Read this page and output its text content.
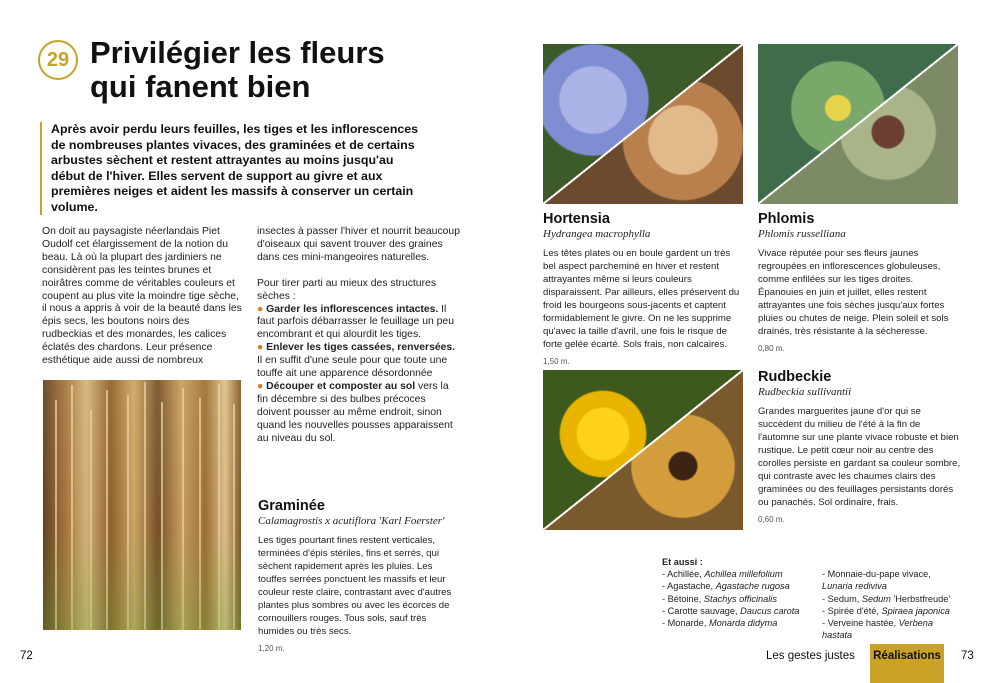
29 Privilégier les fleurs
qui fanent bien
Après avoir perdu leurs feuilles, les tiges et les inflorescences de nombreuses plantes vivaces, des graminées et de certains arbustes sèchent et restent attrayantes au moins jusqu'au début de l'hiver. Elles servent de support au givre et aux premières neiges et aident les massifs à conserver un certain volume.
On doit au paysagiste néerlandais Piet Oudolf cet élargissement de la notion du beau. Là où la plupart des jardiniers ne considèrent pas les teintes brunes et noirâtres comme de véritables couleurs et coupent au plus vite la moindre tige sèche, il nous a appris à voir de la beauté dans les épis secs, les boutons noirs des rudbeckias et des monardes, les calices éclatés des chardons. Leur présence esthétique aide aussi de nombreux

insectes à passer l'hiver et nourrit beaucoup d'oiseaux qui savent trouver des graines dans ces mini-mangeoires naturelles.

Pour tirer parti au mieux des structures sèches :
● Garder les inflorescences intactes. Il faut parfois débarrasser le feuillage un peu encombrant et qui alourdit les tiges.
● Enlever les tiges cassées, renversées. Il en suffit d'une seule pour que toute une touffe ait une apparence désordonnée
● Découper et composter au sol vers la fin décembre si des bulbes précoces doivent pousser au même endroit, sinon quand les nouvelles pousses apparaissent au niveau du sol.
Graminée
Calamagrostis x acutiflora 'Karl Foerster'
Les tiges pourtant fines restent verticales, terminées d'épis stériles, fins et serrés, qui sèchent rapidement après les pluies. Les touffes serrées ponctuent les massifs et leur couleur reste claire, contrastant avec d'autres plantes plus sombres ou avec les écorces de cornouillers rouges. Tous sols, sauf très humides ou très secs.
1,20 m.
72
Hortensia
Hydrangea macrophylla
Les têtes plates ou en boule gardent un très bel aspect parcheminé en hiver et restent attrayantes même si leurs couleurs disparaissent. Par ailleurs, elles préservent du froid les bourgeons sous-jacents et captent formidablement le givre. On ne les supprime qu'avec la taille d'avril, une fois le risque de forte gelée écarté. Sols frais, non calcaires.
1,50 m.
Phlomis
Phlomis russelliana
Vivace réputée pour ses fleurs jaunes regroupées en inflorescences globuleuses, comme enfilées sur les tiges droites. Épanouies en juin et juillet, elles restent attrayantes une fois sèches jusqu'aux fortes pluies ou chutes de neige. Plein soleil et sols drainés, très résistante à la sécheresse.
0,80 m.
Rudbeckie
Rudbeckia sullivantii
Grandes marguerites jaune d'or qui se succèdent du milieu de l'été à la fin de l'automne sur une plante vivace robuste et bien rustique. Le petit cœur noir au centre des corolles persiste en gardant sa couleur sombre, qui contraste avec les chaumes clairs des graminées ou des feuillages persistants dorés ou panachés. Sol ordinaire, frais.
0,60 m.
Et aussi :
- Achillée, Achillea millefolium
- Agastache, Agastache rugosa
- Bétoine, Stachys officinalis
- Carotte sauvage, Daucus carota
- Monarde, Monarda didyma
- Monnaie-du-pape vivace, Lunaria rediviva
- Sedum, Sedum 'Herbstfreude'
- Spirée d'été, Spiraea japonica
- Verveine hastée, Verbena hastata
Les gestes justes Réalisations 73
